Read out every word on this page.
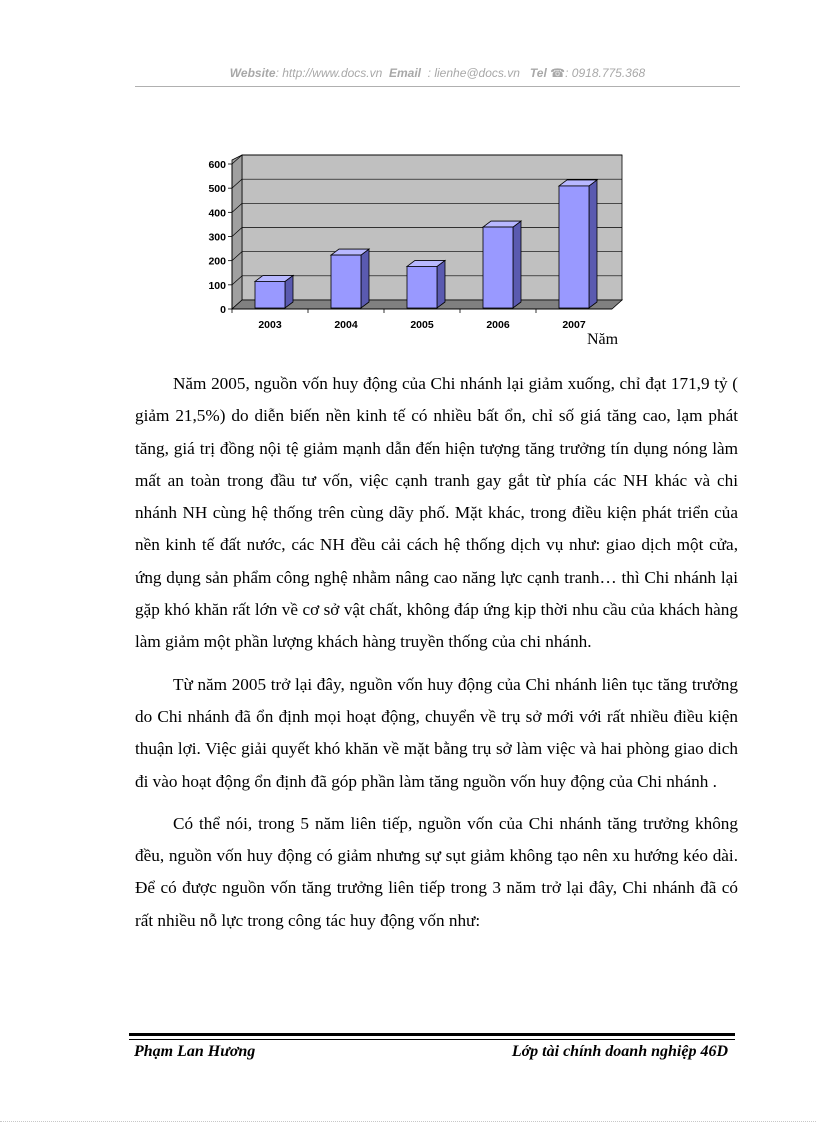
Website: http://www.docs.vn Email : lienhe@docs.vn Tel ☎: 0918.775.368
0
100
200
300
400
500
600
2003	2004	2005	2006	2007
Năm

Năm 2005, nguồn vốn huy động của Chi nhánh lại giảm xuống, chỉ đạt 171,9 tỷ ( giảm 21,5%) do diễn biến nền kinh tế có nhiều bất ổn, chỉ số giá tăng cao, lạm phát tăng, giá trị đồng nội tệ giảm mạnh dẫn đến hiện tượng tăng trưởng tín dụng nóng làm mất an toàn trong đầu tư vốn, việc cạnh tranh gay gắt từ phía các NH khác và chi nhánh NH cùng hệ thống trên cùng dãy phố. Mặt khác, trong điều kiện phát triển của nền kinh tế đất nước, các NH đều cải cách hệ thống dịch vụ như: giao dịch một cửa, ứng dụng sản phẩm công nghệ nhằm nâng cao năng lực cạnh tranh… thì Chi nhánh lại gặp khó khăn rất lớn về cơ sở vật chất, không đáp ứng kịp thời nhu cầu của khách hàng làm giảm một phần lượng khách hàng truyền thống của chi nhánh.

Từ năm 2005 trở lại đây, nguồn vốn huy động của Chi nhánh liên tục tăng trưởng do Chi nhánh đã ổn định mọi hoạt động, chuyển về trụ sở mới với rất nhiều điều kiện thuận lợi. Việc giải quyết khó khăn về mặt bằng trụ sở làm việc và hai phòng giao dich đi vào hoạt động ổn định đã góp phần làm tăng nguồn vốn huy động của Chi nhánh .

Có thể nói, trong 5 năm liên tiếp, nguồn vốn của Chi nhánh tăng trưởng không đều, nguồn vốn huy động có giảm nhưng sự sụt giảm không tạo nên xu hướng kéo dài. Để có được nguồn vốn tăng trưởng liên tiếp trong 3 năm trở lại đây, Chi nhánh đã có rất nhiều nỗ lực trong công tác huy động vốn như:

Phạm Lan Hương	Lớp tài chính doanh nghiệp 46D
